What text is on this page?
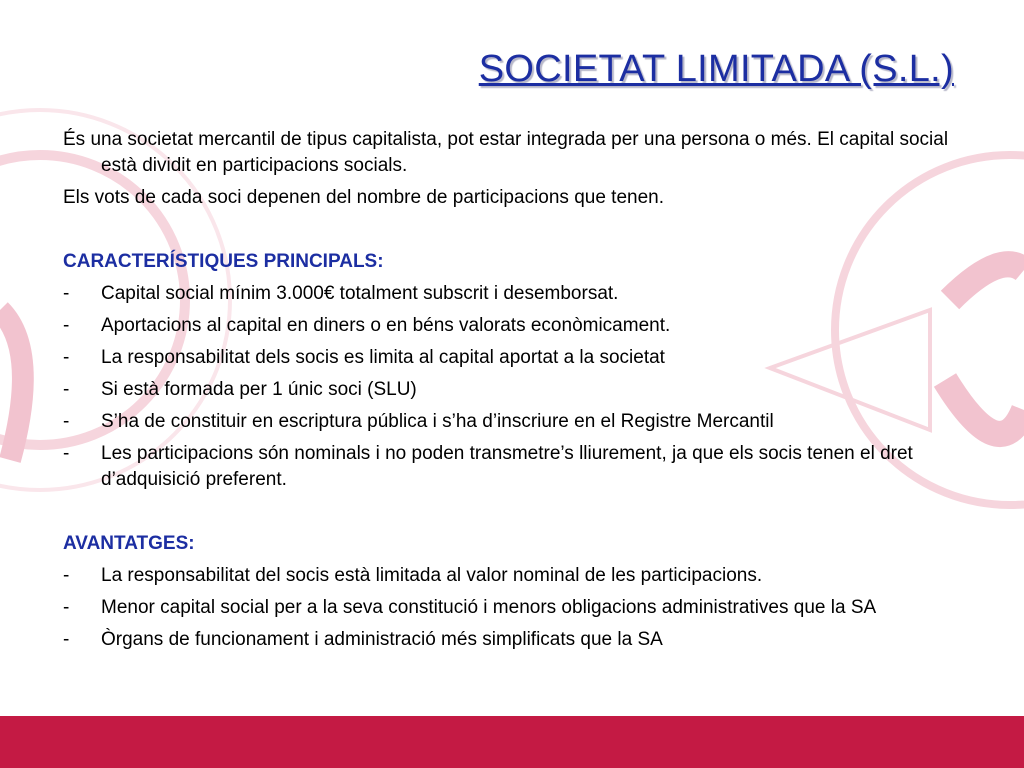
SOCIETAT LIMITADA (S.L.)

És una societat mercantil de tipus capitalista, pot estar integrada per una persona o més. El capital social està dividit en participacions socials.

Els vots de cada soci depenen del nombre de participacions que tenen.

CARACTERÍSTIQUES PRINCIPALS:

- Capital social mínim 3.000€ totalment subscrit i desemborsat.
- Aportacions al capital en diners o en béns valorats econòmicament.
- La responsabilitat dels socis es limita al capital aportat a la societat
- Si està formada per 1 únic soci (SLU)
- S’ha de constituir en escriptura pública i s’ha d’inscriure en el Registre Mercantil
- Les participacions són nominals i no poden transmetre’s lliurement, ja que els socis tenen el dret d’adquisició preferent.

AVANTATGES:

- La responsabilitat del socis està limitada al valor nominal de les participacions.
- Menor capital social per a la seva constitució i menors obligacions administratives que la SA
- Òrgans de funcionament i administració més simplificats que la SA
